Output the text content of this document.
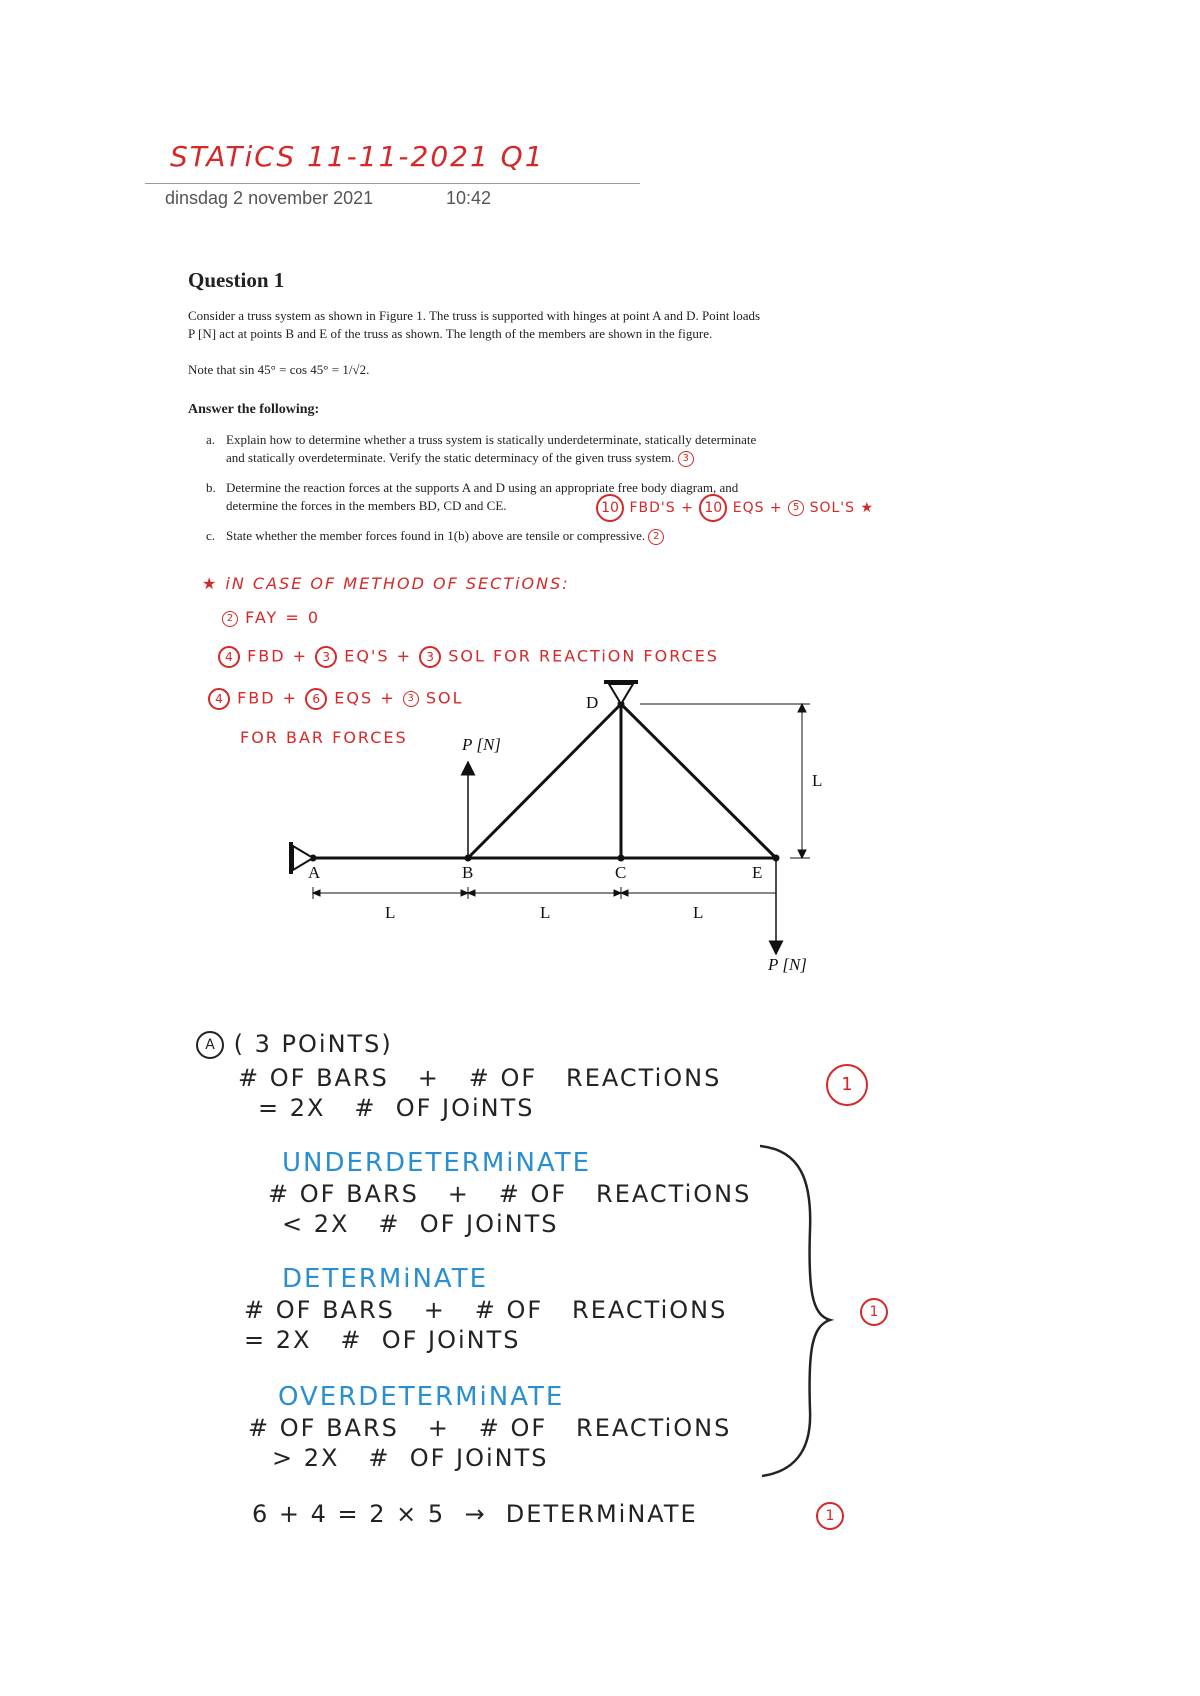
STATiCS 11-11-2021 Q1
dinsdag 2 november 2021	10:42
Question 1
Consider a truss system as shown in Figure 1. The truss is supported with hinges at point A and D. Point loads
P [N] act at points B and E of the truss as shown. The length of the members are shown in the figure.
Note that sin 45° = cos 45° = 1/√2.
Answer the following:
a. Explain how to determine whether a truss system is statically underdeterminate, statically determinate
and statically overdeterminate. Verify the static determinacy of the given truss system. 3
b. Determine the reaction forces at the supports A and D using an appropriate free body diagram, and
determine the forces in the members BD, CD and CE.	10 FBD'S + 10 EQS + 5 SOL'S ★
c. State whether the member forces found in 1(b) above are tensile or compressive. 2
★ iN CASE OF METHOD OF SECTiONS:
2 FAY = 0
4 FBD + 3 EQ'S + 3 SOL FOR REACTiON FORCES
4 FBD + 6 EQS + 3 SOL
FOR BAR FORCES
A	B	C	E
D
L	L	L
L
P [N]
P [N]
A ( 3 POiNTS)
# OF BARS   +   # OF   REACTiONS
= 2X   #  OF JOiNTS
1
UNDERDETERMiNATE
# OF BARS   +   # OF   REACTiONS
< 2X   #  OF JOiNTS
DETERMiNATE
# OF BARS   +   # OF   REACTiONS
= 2X   #  OF JOiNTS
OVERDETERMiNATE
# OF BARS   +   # OF   REACTiONS
> 2X   #  OF JOiNTS
1
6 + 4 = 2 × 5  →  DETERMiNATE	1
